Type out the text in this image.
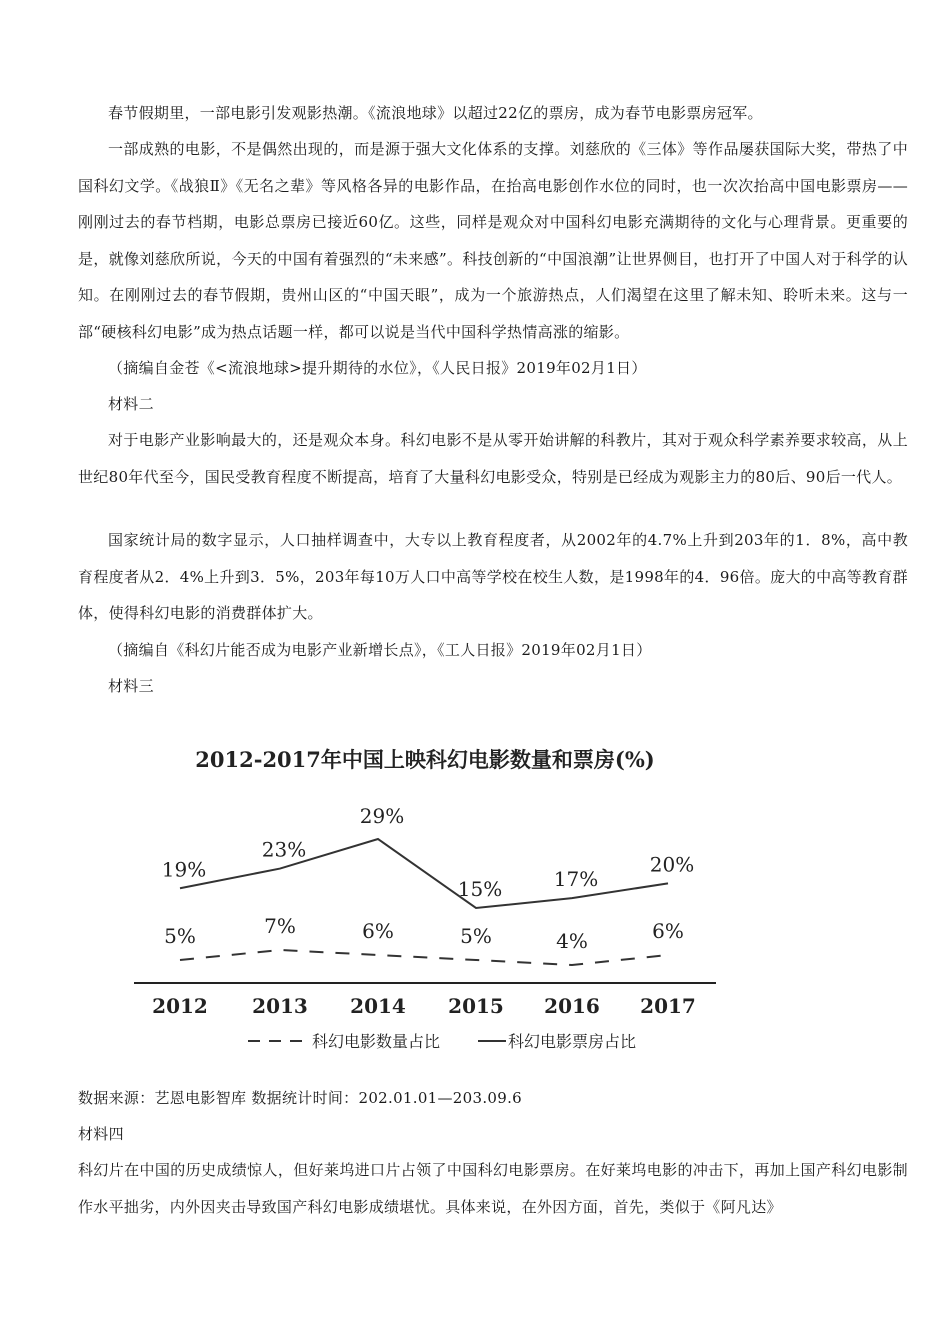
春节假期里，一部电影引发观影热潮。《流浪地球》以超过22亿的票房，成为春节电影票房冠军。

一部成熟的电影，不是偶然出现的，而是源于强大文化体系的支撑。刘慈欣的《三体》等作品屡获国际大奖，带热了中国科幻文学。《战狼Ⅱ》《无名之辈》等风格各异的电影作品，在抬高电影创作水位的同时，也一次次抬高中国电影票房——刚刚过去的春节档期，电影总票房已接近60亿。这些，同样是观众对中国科幻电影充满期待的文化与心理背景。更重要的是，就像刘慈欣所说，今天的中国有着强烈的“未来感”。科技创新的“中国浪潮”让世界侧目，也打开了中国人对于科学的认知。在刚刚过去的春节假期，贵州山区的“中国天眼”，成为一个旅游热点，人们渴望在这里了解未知、聆听未来。这与一部“硬核科幻电影”成为热点话题一样，都可以说是当代中国科学热情高涨的缩影。

（摘编自金苍《<流浪地球>提升期待的水位》，《人民日报》2019年02月1日）

材料二

对于电影产业影响最大的，还是观众本身。科幻电影不是从零开始讲解的科教片，其对于观众科学素养要求较高，从上世纪80年代至今，国民受教育程度不断提高，培育了大量科幻电影受众，特别是已经成为观影主力的80后、90后一代人。

国家统计局的数字显示，人口抽样调查中，大专以上教育程度者，从2002年的4.7%上升到203年的1．8%，高中教育程度者从2．4%上升到3．5%，203年每10万人口中高等学校在校生人数，是1998年的4．96倍。庞大的中高等教育群体，使得科幻电影的消费群体扩大。

（摘编自《科幻片能否成为电影产业新增长点》，《工人日报》2019年02月1日）

材料三

2012-2017年中国上映科幻电影数量和票房(%)
19%
23%
29%
15%	17%
20%
5%	7%	6%	5%	4%	6%
2012 2013 2014 2015 2016 2017
科幻电影数量占比	科幻电影票房占比

数据来源：艺恩电影智库 数据统计时间：202.01.01—203.09.6

材料四

科幻片在中国的历史成绩惊人，但好莱坞进口片占领了中国科幻电影票房。在好莱坞电影的冲击下，再加上国产科幻电影制作水平拙劣，内外因夹击导致国产科幻电影成绩堪忧。具体来说，在外因方面，首先，类似于《阿凡达》
